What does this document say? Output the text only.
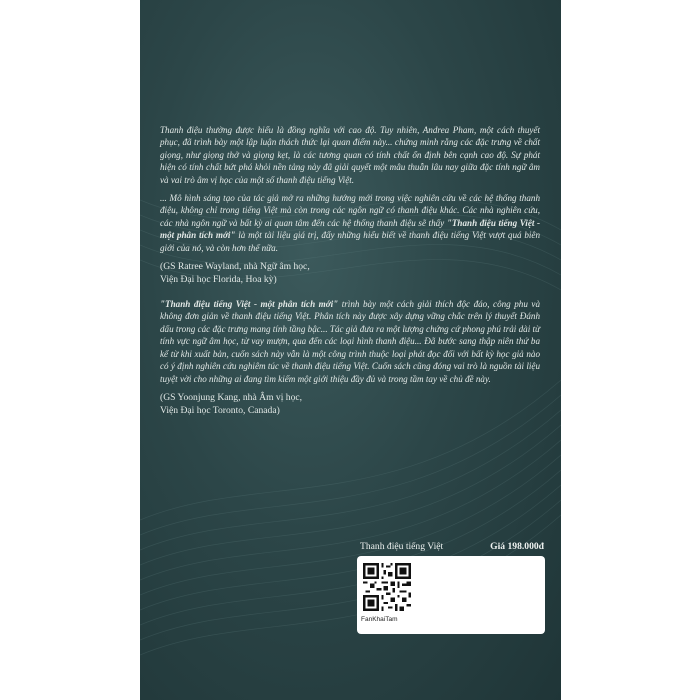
Thanh điệu thường được hiểu là đồng nghĩa với cao độ. Tuy nhiên, Andrea Pham, một cách thuyết phục, đã trình bày một lập luận thách thức lại quan điểm này... chứng minh rằng các đặc trưng về chất giọng, như giọng thở và giọng kẹt, là các tương quan có tính chất ổn định bên cạnh cao độ. Sự phát hiện có tính chất bứt phá khỏi nền tảng này đã giải quyết một mâu thuẫn lâu nay giữa đặc tính ngữ âm và vai trò âm vị học của một số thanh điệu tiếng Việt.

... Mô hình sáng tạo của tác giả mở ra những hướng mới trong việc nghiên cứu về các hệ thống thanh điệu, không chỉ trong tiếng Việt mà còn trong các ngôn ngữ có thanh điệu khác. Các nhà nghiên cứu, các nhà ngôn ngữ và bất kỳ ai quan tâm đến các hệ thống thanh điệu sẽ thấy "Thanh điệu tiếng Việt - một phân tích mới" là một tài liệu giá trị, đẩy những hiểu biết về thanh điệu tiếng Việt vượt quá biên giới của nó, và còn hơn thế nữa.

(GS Ratree Wayland, nhà Ngữ âm học,
Viện Đại học Florida, Hoa kỳ)

"Thanh điệu tiếng Việt - một phân tích mới" trình bày một cách giải thích độc đáo, công phu và không đơn giản về thanh điệu tiếng Việt. Phân tích này được xây dựng vững chắc trên lý thuyết Đánh dấu trong các đặc trưng mang tính tầng bậc... Tác giả đưa ra một lượng chứng cứ phong phú trải dài từ tính vực ngữ âm học, từ vay mượn, qua đến các loại hình thanh điệu... Đã bước sang thập niên thứ ba kể từ khi xuất bản, cuốn sách này vẫn là một công trình thuộc loại phát đọc đối với bất kỳ học giả nào có ý định nghiên cứu nghiêm túc về thanh điệu tiếng Việt. Cuốn sách cũng đóng vai trò là nguồn tài liệu tuyệt vời cho những ai đang tìm kiếm một giới thiệu đầy đủ và trong tầm tay về chủ đề này.

(GS Yoonjung Kang, nhà Âm vị học,
Viện Đại học Toronto, Canada)

Thanh điệu tiếng Việt	Giá 198.000đ
FanKhaiTam
